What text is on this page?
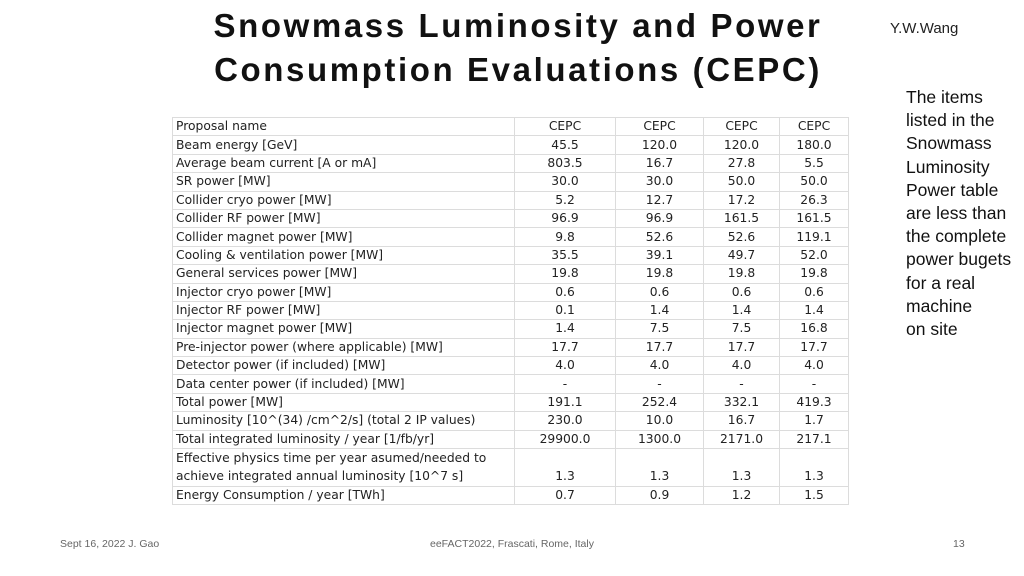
Snowmass Luminosity and Power
Consumption Evaluations (CEPC)
Y.W.Wang
The items
listed in the
Snowmass
Luminosity
Power table
are less than
the complete
power bugets
for a real
machine
on site
Proposal name	CEPC	CEPC	CEPC	CEPC
Beam energy [GeV]	45.5	120.0	120.0	180.0
Average beam current [A or mA]	803.5	16.7	27.8	5.5
SR power [MW]	30.0	30.0	50.0	50.0
Collider cryo power [MW]	5.2	12.7	17.2	26.3
Collider RF power [MW]	96.9	96.9	161.5	161.5
Collider magnet power [MW]	9.8	52.6	52.6	119.1
Cooling & ventilation power [MW]	35.5	39.1	49.7	52.0
General services power [MW]	19.8	19.8	19.8	19.8
Injector cryo power [MW]	0.6	0.6	0.6	0.6
Injector RF power [MW]	0.1	1.4	1.4	1.4
Injector magnet power [MW]	1.4	7.5	7.5	16.8
Pre-injector power (where applicable) [MW]	17.7	17.7	17.7	17.7
Detector power (if included) [MW]	4.0	4.0	4.0	4.0
Data center power (if included) [MW]	-	-	-	-
Total power [MW]	191.1	252.4	332.1	419.3
Luminosity [10^(34) /cm^2/s] (total 2 IP values)	230.0	10.0	16.7	1.7
Total integrated luminosity / year [1/fb/yr]	29900.0	1300.0	2171.0	217.1
Effective physics time per year asumed/needed to achieve integrated annual luminosity [10^7 s]	1.3	1.3	1.3	1.3
Energy Consumption / year [TWh]	0.7	0.9	1.2	1.5
Sept 16, 2022 J. Gao	eeFACT2022, Frascati, Rome, Italy	13
